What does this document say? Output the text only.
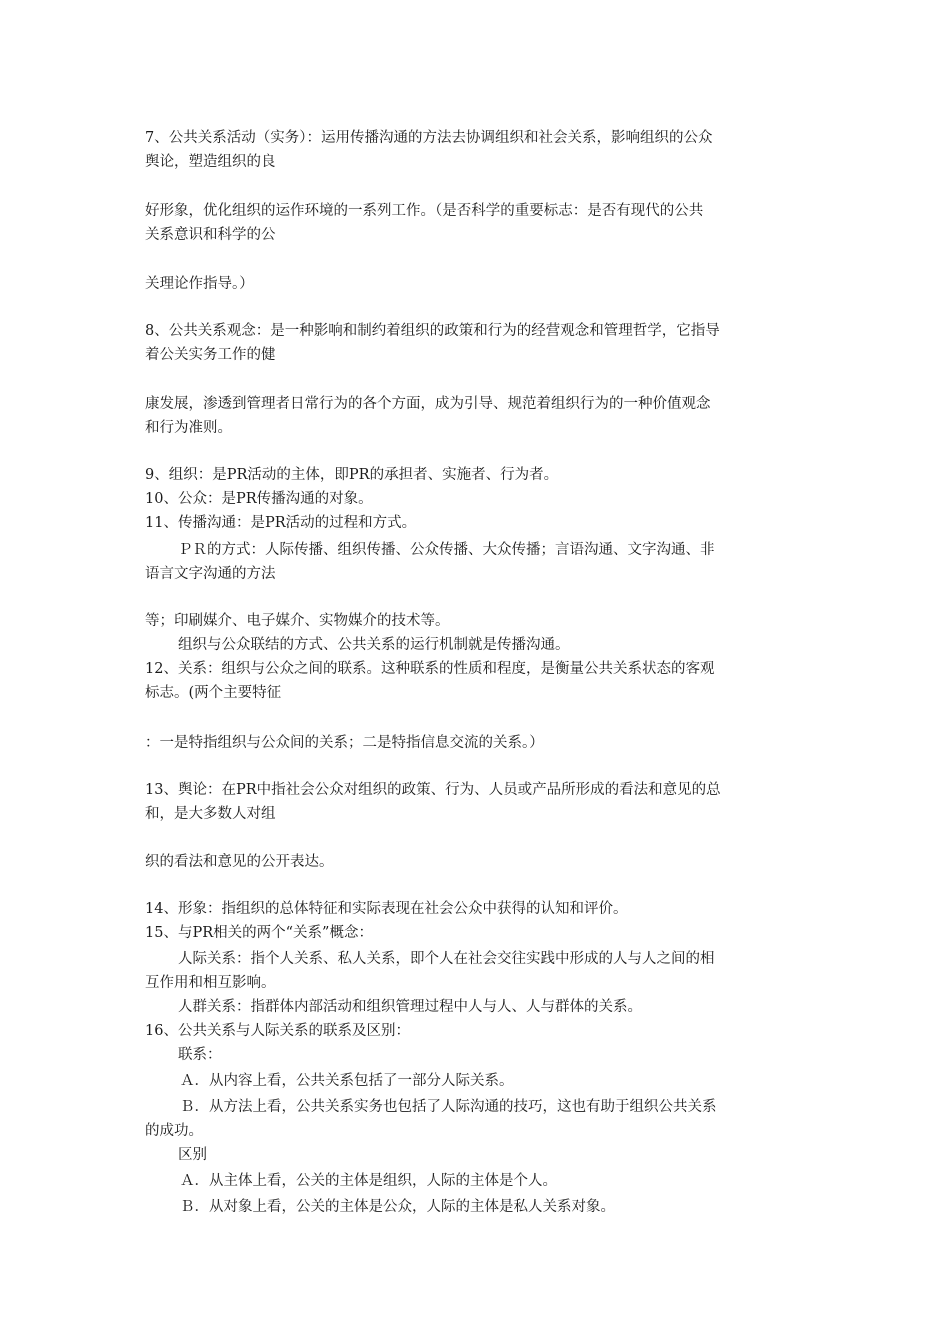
7、公共关系活动（实务）：运用传播沟通的方法去协调组织和社会关系，影响组织的公众
舆论，塑造组织的良
好形象，优化组织的运作环境的一系列工作。（是否科学的重要标志：是否有现代的公共
关系意识和科学的公
关理论作指导。）
8、公共关系观念：是一种影响和制约着组织的政策和行为的经营观念和管理哲学，它指导
着公关实务工作的健
康发展，渗透到管理者日常行为的各个方面，成为引导、规范着组织行为的一种价值观念
和行为准则。
9、组织：是PR活动的主体，即PR的承担者、实施者、行为者。
10、公众：是PR传播沟通的对象。
11、传播沟通：是PR活动的过程和方式。
ＰＲ的方式：人际传播、组织传播、公众传播、大众传播；言语沟通、文字沟通、非
语言文字沟通的方法
等；印刷媒介、电子媒介、实物媒介的技术等。
组织与公众联结的方式、公共关系的运行机制就是传播沟通。
12、关系：组织与公众之间的联系。这种联系的性质和程度，是衡量公共关系状态的客观
标志。(两个主要特征
：一是特指组织与公众间的关系；二是特指信息交流的关系。）
13、舆论：在PR中指社会公众对组织的政策、行为、人员或产品所形成的看法和意见的总
和，是大多数人对组
织的看法和意见的公开表达。
14、形象：指组织的总体特征和实际表现在社会公众中获得的认知和评价。
15、与PR相关的两个“关系”概念：
人际关系：指个人关系、私人关系，即个人在社会交往实践中形成的人与人之间的相
互作用和相互影响。
人群关系：指群体内部活动和组织管理过程中人与人、人与群体的关系。
16、公共关系与人际关系的联系及区别：
联系：
Ａ．从内容上看，公共关系包括了一部分人际关系。
Ｂ．从方法上看，公共关系实务也包括了人际沟通的技巧，这也有助于组织公共关系
的成功。
区别
Ａ．从主体上看，公关的主体是组织，人际的主体是个人。
Ｂ．从对象上看，公关的主体是公众，人际的主体是私人关系对象。
